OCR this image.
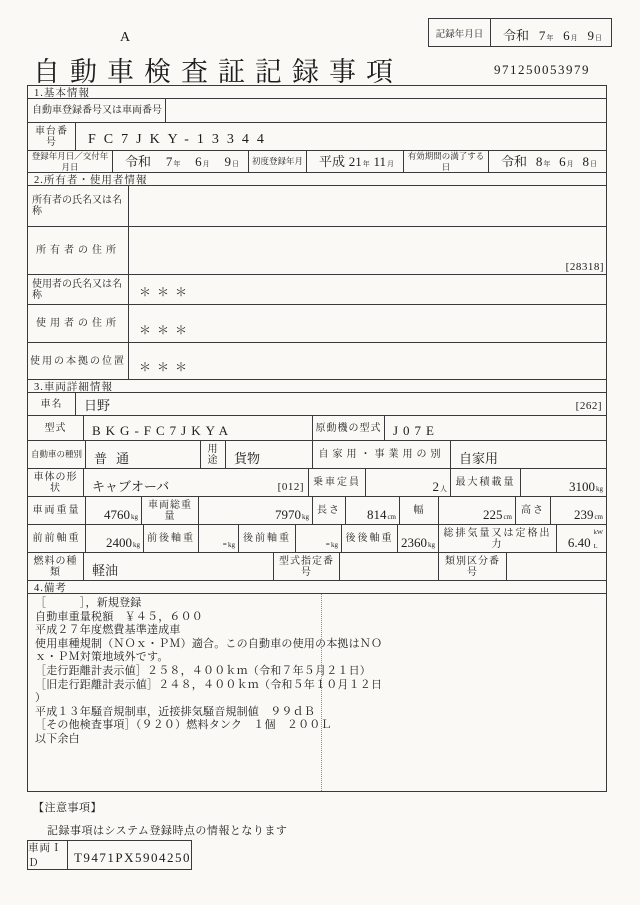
A
自動車検査証記録事項	971250053979
記録年月日	令和 7 年 6 月 9 日
1.基本情報
自動車登録番号又は車両番号
車台番号	FC7JKY-13344
登録年月日／交付年月日	令和 7 年 6 月 9 日	初度登録年月	平成 21 年 11 月
有効期間の満了する日	令和 8 年 6 月 8 日
2.所有者・使用者情報
所有者の氏名又は名称
所有者の住所
[28318]
使用者の氏名又は名称	＊＊＊
使用者の住所	＊＊＊
使用の本拠の位置	＊＊＊
3.車両詳細情報
車名	日野	[262]
型式	BKG-FC7JKYA	原動機の型式 J07E
自動車の種別 普通
用途	貨物	自家用・事業用の別	自家用
車体の形状	キャブオーバ	[012] 乗車定員	2 人
最大積載量	3100 kg
車両重量	4760 kg
車両総重量	7970 kg
長さ	814 cm
幅	225 cm
高さ	239 cm
前前軸重	2400 kg
前後軸重	- kg
後前軸重	- kg
後後軸重 2360 kg
総排気量又は定格出力	6.40
kW
L
燃料の種類	軽油
型式指定番号
類別区分番号
4.備考
［　　　］，新規登録
自動車重量税額　￥４５，６００
平成２７年度燃費基準達成車
使用車種規制（ＮＯｘ・ＰＭ）適合。この自動車の使用の本拠はＮＯ
ｘ・ＰＭ対策地域外です。
［走行距離計表示値］２５８，４００ｋｍ（令和７年５月２１日）
［旧走行距離計表示値］２４８，４００ｋｍ（令和５年１０月１２日
）
平成１３年騒音規制車，近接排気騒音規制値　９９ｄＢ
［その他検査事項］（９２０）燃料タンク　１個　２００Ｌ
以下余白
【注意事項】
記録事項はシステム登録時点の情報となります
車両ＩＤ	T9471PX5904250
